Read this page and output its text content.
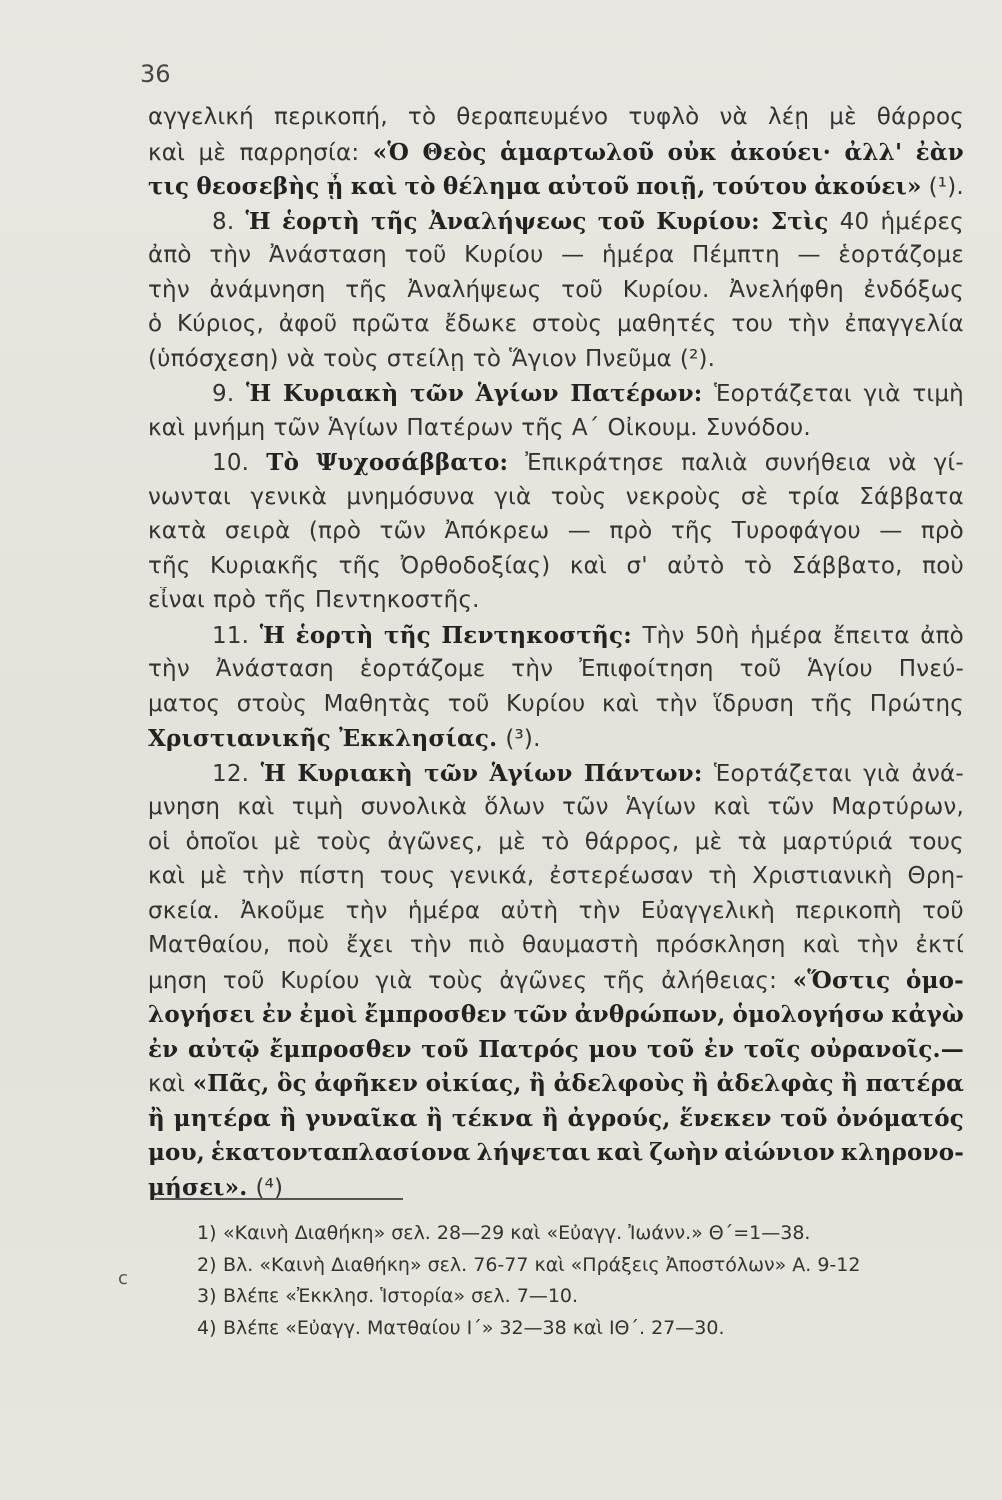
36
αγγελική περικοπή, τὸ θεραπευμένο τυφλὸ νὰ λέῃ μὲ θάρρος
καὶ μὲ παρρησία: «Ὁ Θεὸς ἁμαρτωλοῦ οὐκ ἀκούει· ἀλλ' ἐὰν
τις θεοσεβὴς ᾖ καὶ τὸ θέλημα αὐτοῦ ποιῇ, τούτου ἀκούει» (¹).
8. Ἡ ἑορτὴ τῆς Ἀναλήψεως τοῦ Κυρίου: Στὶς 40 ἡμέρες
ἀπὸ τὴν Ἀνάσταση τοῦ Κυρίου — ἡμέρα Πέμπτη — ἑορτάζομε
τὴν ἀνάμνηση τῆς Ἀναλήψεως τοῦ Κυρίου. Ἀνελήφθη ἐνδόξως
ὁ Κύριος, ἀφοῦ πρῶτα ἔδωκε στοὺς μαθητές του τὴν ἐπαγγελία
(ὑπόσχεση) νὰ τοὺς στείλῃ τὸ Ἅγιον Πνεῦμα (²).
9. Ἡ Κυριακὴ τῶν Ἁγίων Πατέρων: Ἑορτάζεται γιὰ τιμὴ
καὶ μνήμη τῶν Ἁγίων Πατέρων τῆς Α΄ Οἰκουμ. Συνόδου.
10. Τὸ Ψυχοσάββατο: Ἐπικράτησε παλιὰ συνήθεια νὰ γί-
νωνται γενικὰ μνημόσυνα γιὰ τοὺς νεκροὺς σὲ τρία Σάββατα
κατὰ σειρὰ (πρὸ τῶν Ἀπόκρεω — πρὸ τῆς Τυροφάγου — πρὸ
τῆς Κυριακῆς τῆς Ὀρθοδοξίας) καὶ σ' αὐτὸ τὸ Σάββατο, ποὺ
εἶναι πρὸ τῆς Πεντηκοστῆς.
11. Ἡ ἑορτὴ τῆς Πεντηκοστῆς: Τὴν 50ὴ ἡμέρα ἔπειτα ἀπὸ
τὴν Ἀνάσταση ἑορτάζομε τὴν Ἐπιφοίτηση τοῦ Ἁγίου Πνεύ-
ματος στοὺς Μαθητὰς τοῦ Κυρίου καὶ τὴν ἵδρυση τῆς Πρώτης
Χριστιανικῆς Ἐκκλησίας. (³).
12. Ἡ Κυριακὴ τῶν Ἁγίων Πάντων: Ἑορτάζεται γιὰ ἀνά-
μνηση καὶ τιμὴ συνολικὰ ὅλων τῶν Ἁγίων καὶ τῶν Μαρτύρων,
οἱ ὁποῖοι μὲ τοὺς ἀγῶνες, μὲ τὸ θάρρος, μὲ τὰ μαρτύριά τους
καὶ μὲ τὴν πίστη τους γενικά, ἐστερέωσαν τὴ Χριστιανικὴ Θρη-
σκεία. Ἀκοῦμε τὴν ἡμέρα αὐτὴ τὴν Εὐαγγελικὴ περικοπὴ τοῦ
Ματθαίου, ποὺ ἔχει τὴν πιὸ θαυμαστὴ πρόσκληση καὶ τὴν ἐκτί
μηση τοῦ Κυρίου γιὰ τοὺς ἀγῶνες τῆς ἀλήθειας: «Ὅστις ὁμο-
λογήσει ἐν ἐμοὶ ἔμπροσθεν τῶν ἀνθρώπων, ὁμολογήσω κἀγὼ
ἐν αὐτῷ ἔμπροσθεν τοῦ Πατρός μου τοῦ ἐν τοῖς οὐρανοῖς.—
καὶ «Πᾶς, ὃς ἀφῆκεν οἰκίας, ἢ ἀδελφοὺς ἢ ἀδελφὰς ἢ πατέρα
ἢ μητέρα ἢ γυναῖκα ἢ τέκνα ἢ ἀγρούς, ἕνεκεν τοῦ ὀνόματός
μου, ἑκατονταπλασίονα λήψεται καὶ ζωὴν αἰώνιον κληρονο-
μήσει». (⁴)
c
1) «Καινὴ Διαθήκη» σελ. 28—29 καὶ «Εὐαγγ. Ἰωάνν.» Θ΄=1—38.
2) Βλ. «Καινὴ Διαθήκη» σελ. 76-77 καὶ «Πράξεις Ἀποστόλων» Α. 9-12
3) Βλέπε «Ἐκκλησ. Ἱστορία» σελ. 7—10.
4) Βλέπε «Εὐαγγ. Ματθαίου Ι΄» 32—38 καὶ ΙΘ΄. 27—30.
